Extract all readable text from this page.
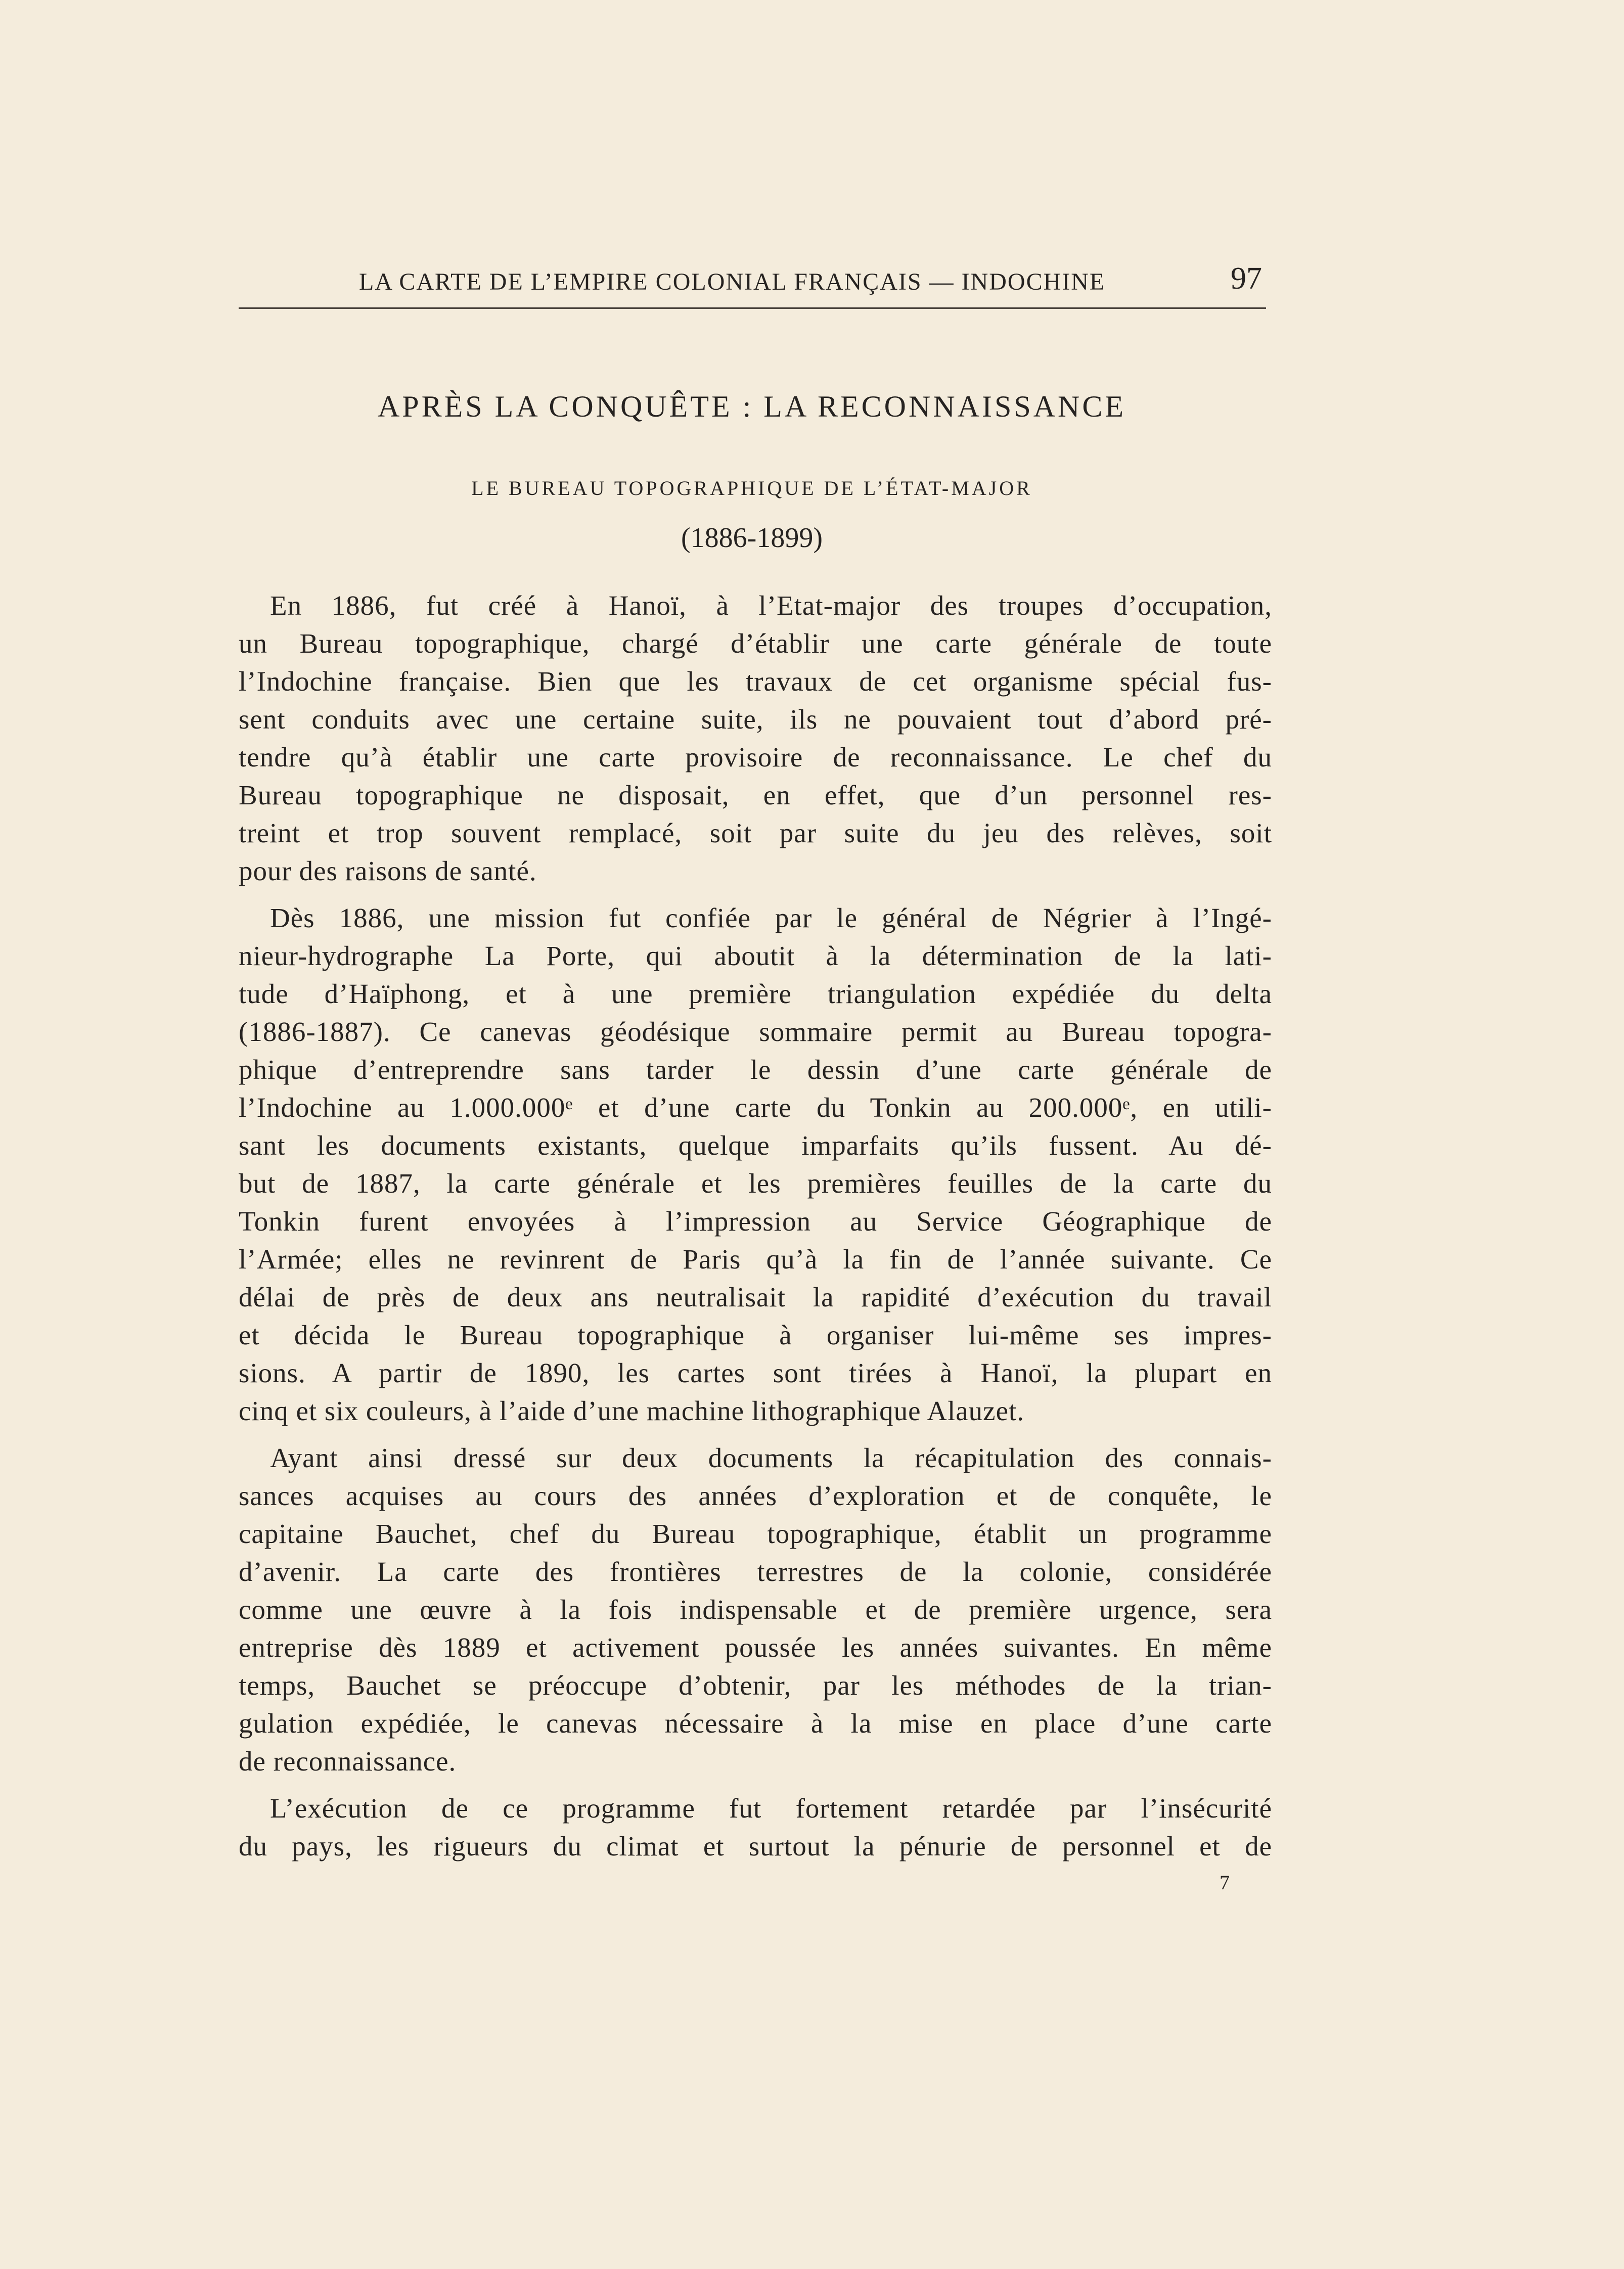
LA CARTE DE L’EMPIRE COLONIAL FRANÇAIS — INDOCHINE	97
APRÈS LA CONQUÊTE : LA RECONNAISSANCE
LE BUREAU TOPOGRAPHIQUE DE L’ÉTAT-MAJOR
(1886-1899)

En 1886, fut créé à Hanoï, à l’Etat-major des troupes d’occupation,
un Bureau topographique, chargé d’établir une carte générale de toute
l’Indochine française. Bien que les travaux de cet organisme spécial fus-
sent conduits avec une certaine suite, ils ne pouvaient tout d’abord pré-
tendre qu’à établir une carte provisoire de reconnaissance. Le chef du
Bureau topographique ne disposait, en effet, que d’un personnel res-
treint et trop souvent remplacé, soit par suite du jeu des relèves, soit
pour des raisons de santé.

Dès 1886, une mission fut confiée par le général de Négrier à l’Ingé-
nieur-hydrographe La Porte, qui aboutit à la détermination de la lati-
tude d’Haïphong, et à une première triangulation expédiée du delta
(1886-1887). Ce canevas géodésique sommaire permit au Bureau topogra-
phique d’entreprendre sans tarder le dessin d’une carte générale de
l’Indochine au 1.000.000ᵉ et d’une carte du Tonkin au 200.000ᵉ, en utili-
sant les documents existants, quelque imparfaits qu’ils fussent. Au dé-
but de 1887, la carte générale et les premières feuilles de la carte du
Tonkin furent envoyées à l’impression au Service Géographique de
l’Armée; elles ne revinrent de Paris qu’à la fin de l’année suivante. Ce
délai de près de deux ans neutralisait la rapidité d’exécution du travail
et décida le Bureau topographique à organiser lui-même ses impres-
sions. A partir de 1890, les cartes sont tirées à Hanoï, la plupart en
cinq et six couleurs, à l’aide d’une machine lithographique Alauzet.

Ayant ainsi dressé sur deux documents la récapitulation des connais-
sances acquises au cours des années d’exploration et de conquête, le
capitaine Bauchet, chef du Bureau topographique, établit un programme
d’avenir. La carte des frontières terrestres de la colonie, considérée
comme une œuvre à la fois indispensable et de première urgence, sera
entreprise dès 1889 et activement poussée les années suivantes. En même
temps, Bauchet se préoccupe d’obtenir, par les méthodes de la trian-
gulation expédiée, le canevas nécessaire à la mise en place d’une carte
de reconnaissance.

L’exécution de ce programme fut fortement retardée par l’insécurité
du pays, les rigueurs du climat et surtout la pénurie de personnel et de

7
